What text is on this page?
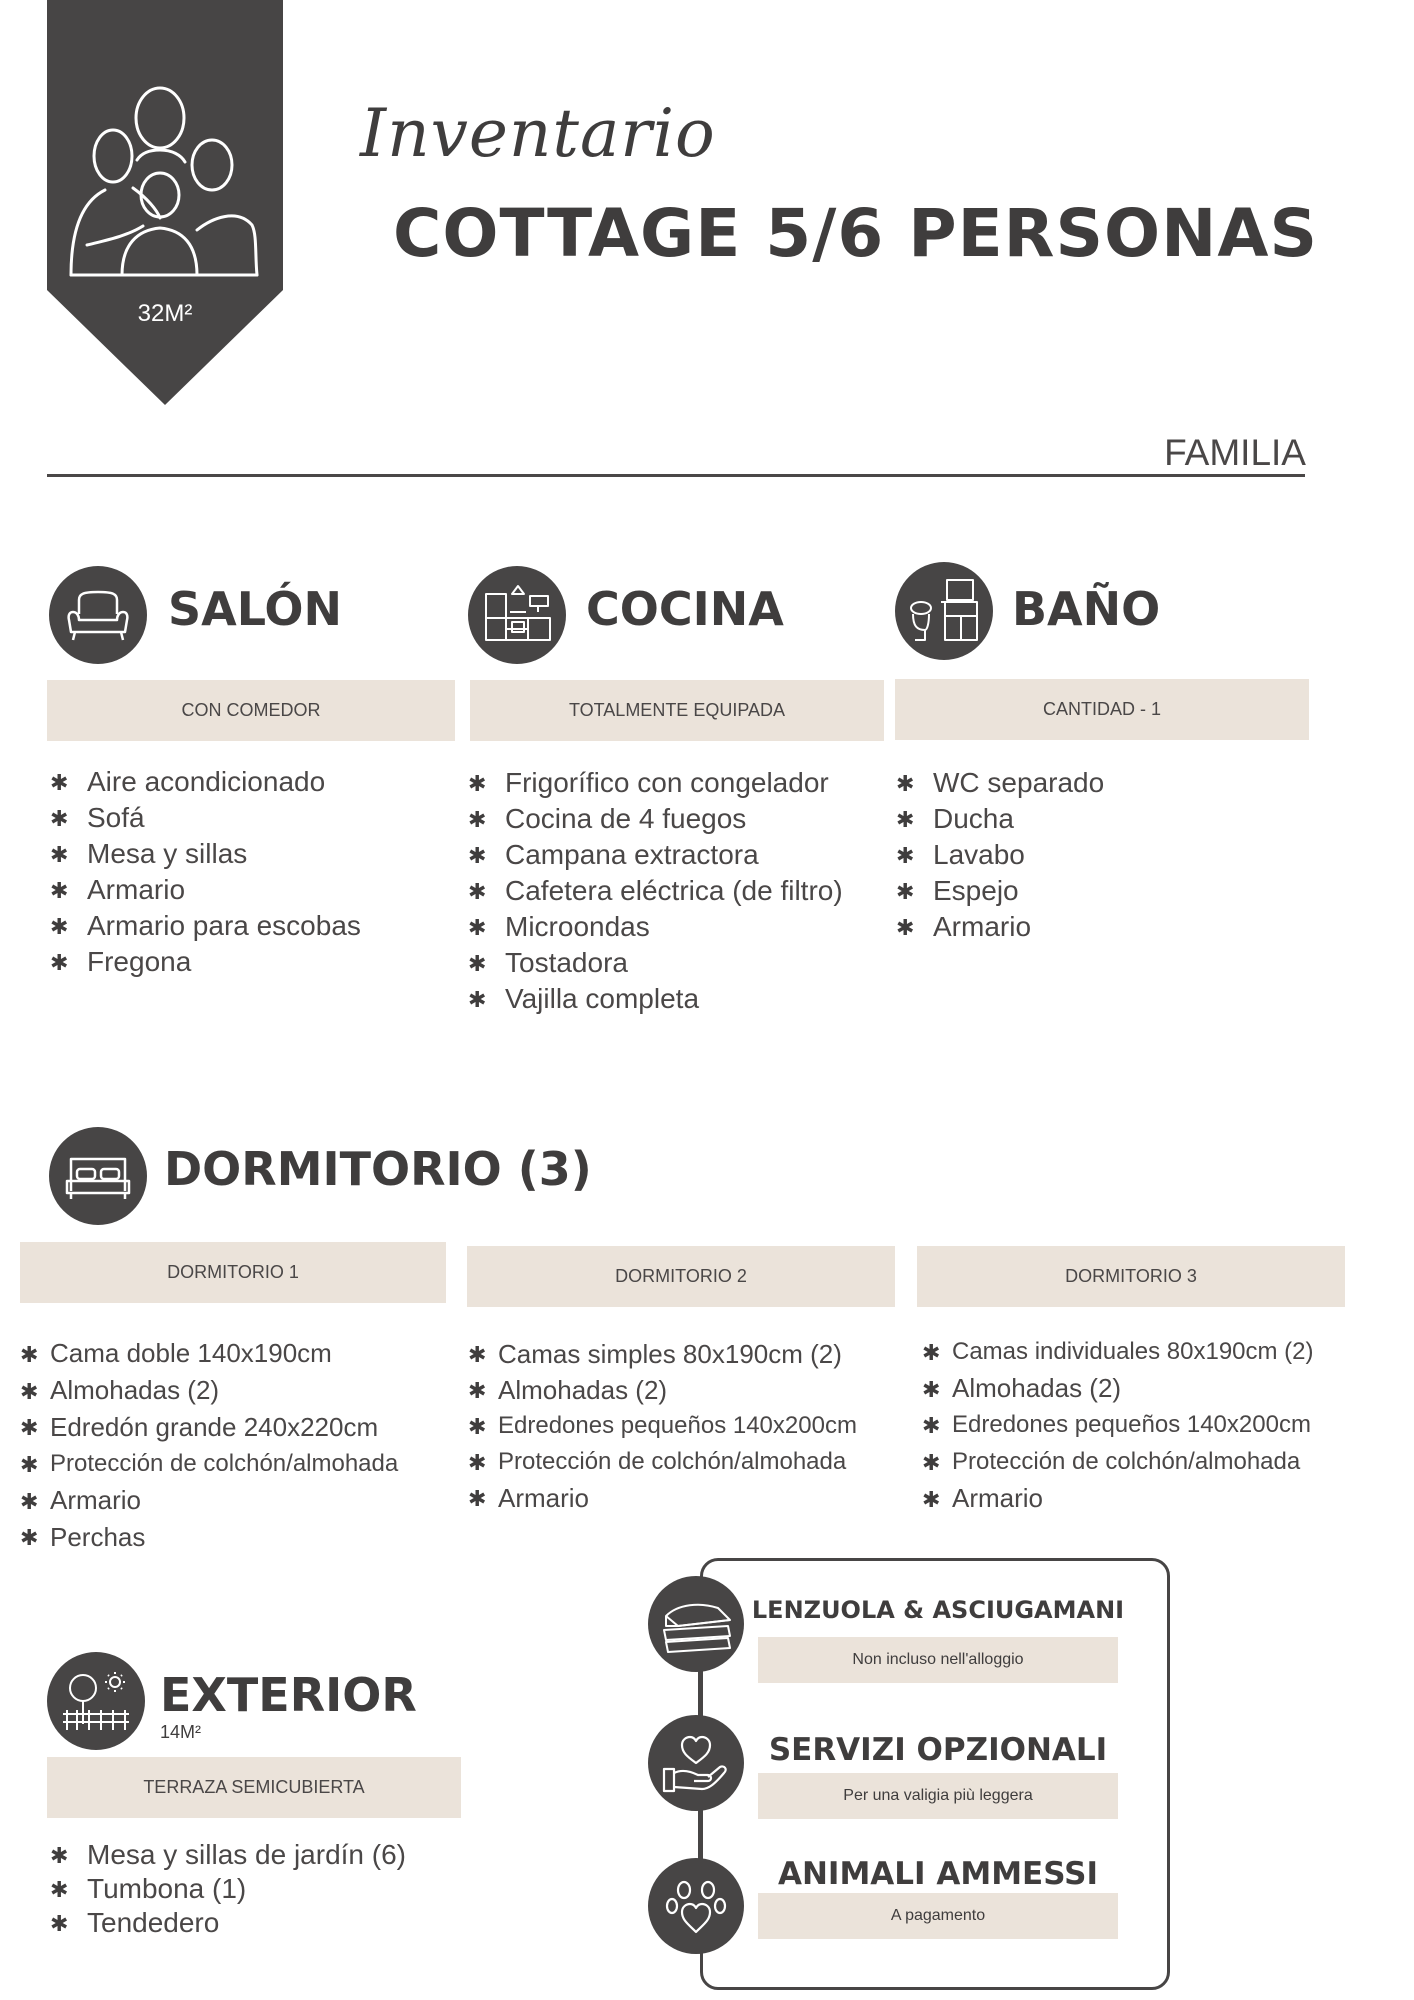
32M²
Inventario
COTTAGE 5/6 PERSONAS
FAMILIA
SALÓN
CON COMEDOR
✱ Aire acondicionado
✱ Sofá
✱ Mesa y sillas
✱ Armario
✱ Armario para escobas
✱ Fregona
COCINA
TOTALMENTE EQUIPADA
✱ Frigorífico con congelador
✱ Cocina de 4 fuegos
✱ Campana extractora
✱ Cafetera eléctrica (de filtro)
✱ Microondas
✱ Tostadora
✱ Vajilla completa
BAÑO
CANTIDAD - 1
✱ WC separado
✱ Ducha
✱ Lavabo
✱ Espejo
✱ Armario
DORMITORIO (3)
DORMITORIO 1	DORMITORIO 2	DORMITORIO 3
✱ Cama doble 140x190cm
✱ Almohadas (2)
✱ Edredón grande 240x220cm
✱ Protección de colchón/almohada
✱ Armario
✱ Perchas
✱ Camas simples 80x190cm (2)
✱ Almohadas (2)
✱ Edredones pequeños 140x200cm
✱ Protección de colchón/almohada
✱ Armario
✱ Camas individuales 80x190cm (2)
✱ Almohadas (2)
✱ Edredones pequeños 140x200cm
✱ Protección de colchón/almohada
✱ Armario
EXTERIOR
14M²
TERRAZA SEMICUBIERTA
✱ Mesa y sillas de jardín (6)
✱ Tumbona (1)
✱ Tendedero
LENZUOLA & ASCIUGAMANI
Non incluso nell'alloggio
SERVIZI OPZIONALI
Per una valigia più leggera
ANIMALI AMMESSI
A pagamento
